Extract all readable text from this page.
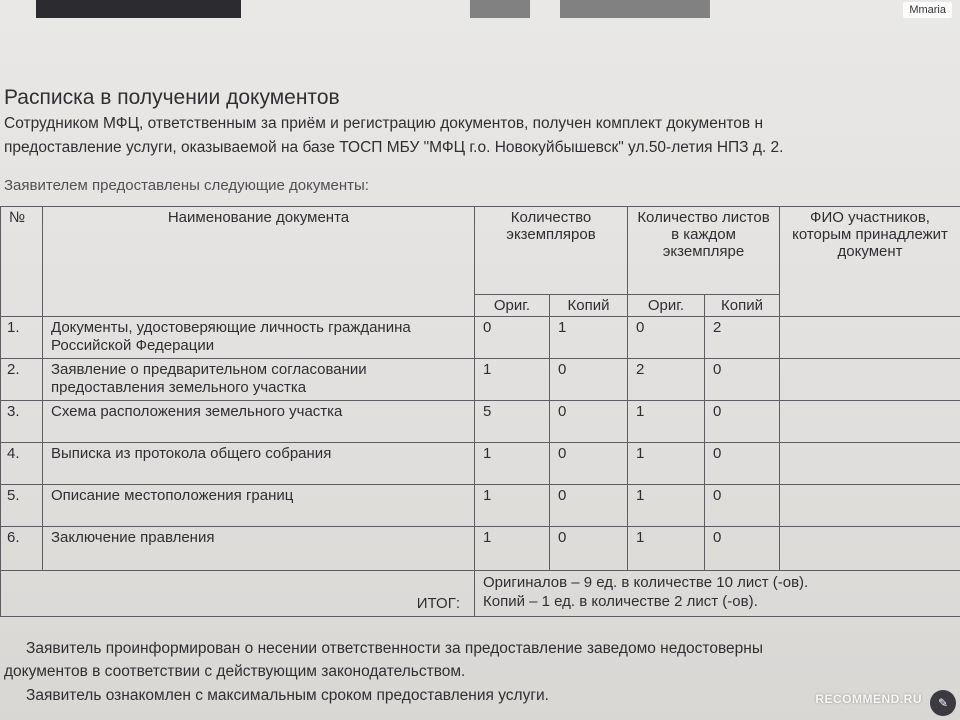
Mmaria
Расписка в получении документов
Сотрудником МФЦ, ответственным за приём и регистрацию документов, получен комплект документов н
предоставление услуги, оказываемой на базе ТОСП МБУ "МФЦ г.о. Новокуйбышевск" ул.50-летия НПЗ д. 2.
Заявителем предоставлены следующие документы:
№	Наименование документа	Количество экземпляров		Количество листов в каждом экземпляре		ФИО участников, которым принадлежит документ
		Ориг.	Копий	Ориг.	Копий	
1.	Документы, удостоверяющие личность гражданина Российской Федерации	0	1	0	2	
2.	Заявление о предварительном согласовании предоставления земельного участка	1	0	2	0	
3.	Схема расположения земельного участка	5	0	1	0	
4.	Выписка из протокола общего собрания	1	0	1	0	
5.	Описание местоположения границ	1	0	1	0	
6.	Заключение правления	1	0	1	0	
ИТОГ:		Оригиналов – 9 ед. в количестве 10 лист (-ов).
Копий – 1 ед. в количестве 2 лист (-ов).				
Заявитель проинформирован о несении ответственности за предоставление заведомо недостоверны
документов в соответствии с действующим законодательством.
Заявитель ознакомлен с максимальным сроком предоставления услуги.	RECOMMEND.RU	✎
